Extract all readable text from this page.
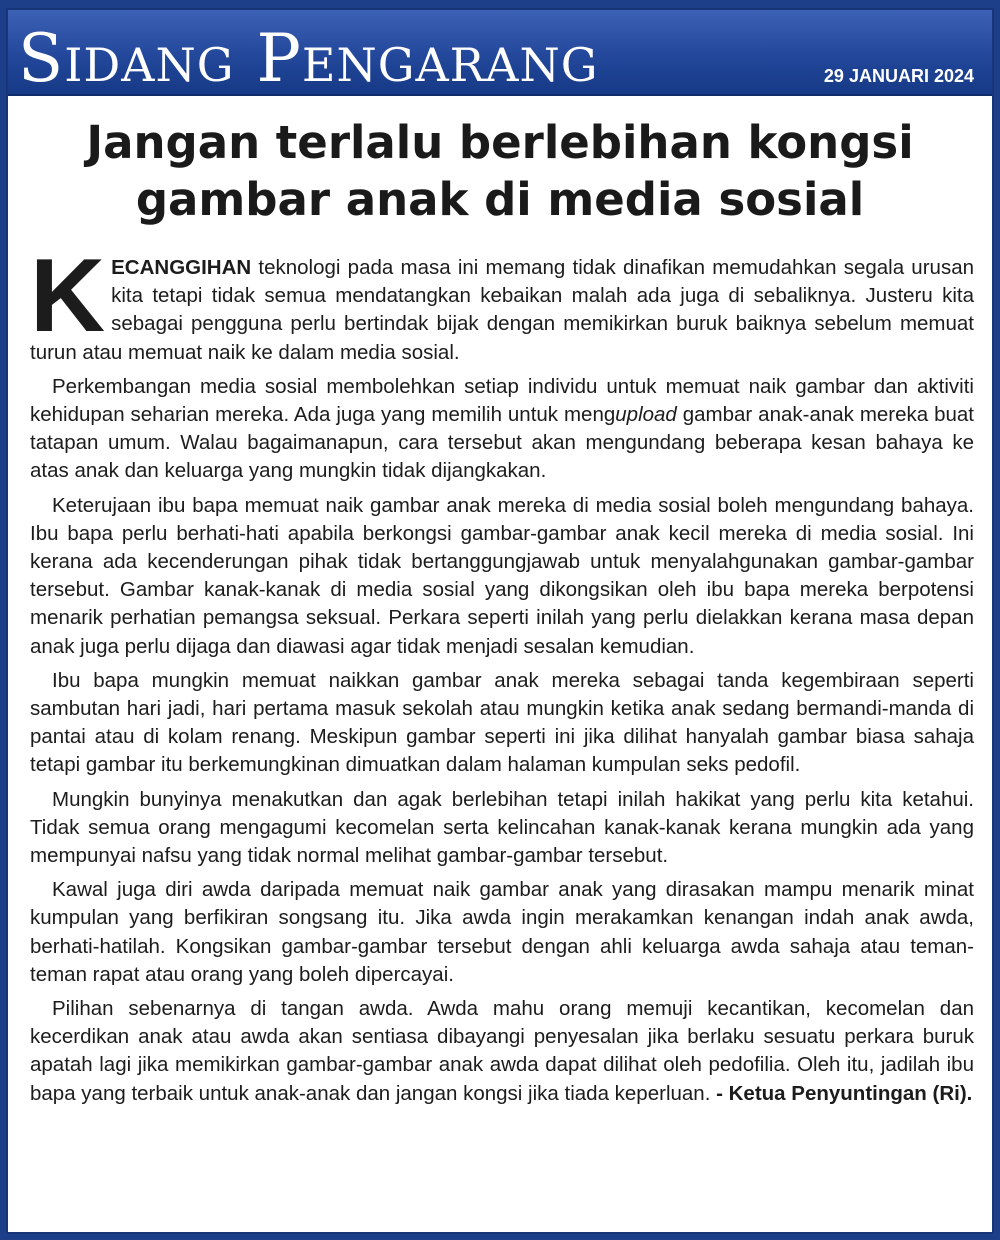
Sidang Pengarang	29 JANUARI 2024
Jangan terlalu berlebihan kongsi
gambar anak di media sosial

KECANGGIHAN teknologi pada masa ini memang tidak dinafikan memudahkan segala urusan kita tetapi tidak semua mendatangkan kebaikan malah ada juga di sebaliknya. Justeru kita sebagai pengguna perlu bertindak bijak dengan memikirkan buruk baiknya sebelum memuat turun atau memuat naik ke dalam media sosial.

Perkembangan media sosial membolehkan setiap individu untuk memuat naik gambar dan aktiviti kehidupan seharian mereka. Ada juga yang memilih untuk mengupload gambar anak-anak mereka buat tatapan umum. Walau bagaimanapun, cara tersebut akan mengundang beberapa kesan bahaya ke atas anak dan keluarga yang mungkin tidak dijangkakan.

Keterujaan ibu bapa memuat naik gambar anak mereka di media sosial boleh mengundang bahaya. Ibu bapa perlu berhati-hati apabila berkongsi gambar-gambar anak kecil mereka di media sosial. Ini kerana ada kecenderungan pihak tidak bertanggungjawab untuk menyalahgunakan gambar-gambar tersebut. Gambar kanak-kanak di media sosial yang dikongsikan oleh ibu bapa mereka berpotensi menarik perhatian pemangsa seksual. Perkara seperti inilah yang perlu dielakkan kerana masa depan anak juga perlu dijaga dan diawasi agar tidak menjadi sesalan kemudian.

Ibu bapa mungkin memuat naikkan gambar anak mereka sebagai tanda kegembiraan seperti sambutan hari jadi, hari pertama masuk sekolah atau mungkin ketika anak sedang bermandi-manda di pantai atau di kolam renang. Meskipun gambar seperti ini jika dilihat hanyalah gambar biasa sahaja tetapi gambar itu berkemungkinan dimuatkan dalam halaman kumpulan seks pedofil.

Mungkin bunyinya menakutkan dan agak berlebihan tetapi inilah hakikat yang perlu kita ketahui. Tidak semua orang mengagumi kecomelan serta kelincahan kanak-kanak kerana mungkin ada yang mempunyai nafsu yang tidak normal melihat gambar-gambar tersebut.

Kawal juga diri awda daripada memuat naik gambar anak yang dirasakan mampu menarik minat kumpulan yang berfikiran songsang itu. Jika awda ingin merakamkan kenangan indah anak awda, berhati-hatilah. Kongsikan gambar-gambar tersebut dengan ahli keluarga awda sahaja atau teman-teman rapat atau orang yang boleh dipercayai.

Pilihan sebenarnya di tangan awda. Awda mahu orang memuji kecantikan, kecomelan dan kecerdikan anak atau awda akan sentiasa dibayangi penyesalan jika berlaku sesuatu perkara buruk apatah lagi jika memikirkan gambar-gambar anak awda dapat dilihat oleh pedofilia. Oleh itu, jadilah ibu bapa yang terbaik untuk anak-anak dan jangan kongsi jika tiada keperluan. - Ketua Penyuntingan (Ri).
